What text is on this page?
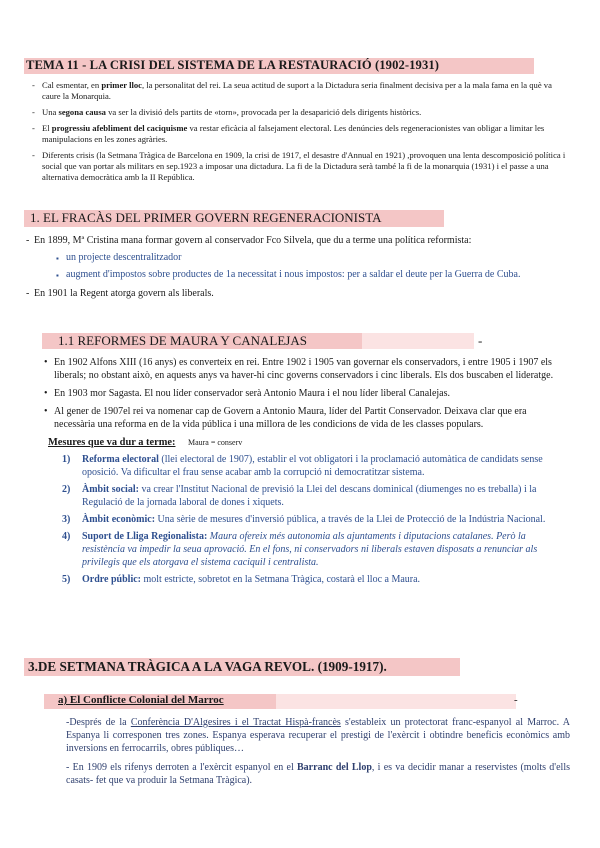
TEMA 11 - LA CRISI DEL SISTEMA DE LA RESTAURACIÓ (1902-1931)
- Cal esmentar, en primer lloc, la personalitat del rei. La seua actitud de suport a la Dictadura seria finalment decisiva per a la mala fama en la què va caure la Monarquia.
- Una segona causa va ser la divisió dels partits de «torn», provocada per la desaparició dels dirigents històrics.
- El progressiu afebliment del caciquisme va restar eficàcia al falsejament electoral. Les denúncies dels regeneracionistes van obligar a limitar les manipulacions en les zones agràries.
- Diferents crisis (la Setmana Tràgica de Barcelona en 1909, la crisi de 1917, el desastre d'Annual en 1921) ,provoquen una lenta descomposició política i social que van portar als militars en sep.1923 a imposar una dictadura. La fi de la Dictadura serà també la fi de la monarquia (1931) i el passe a una alternativa democràtica amb la II República.
1. EL FRACÀS DEL PRIMER GOVERN REGENERACIONISTA
- En 1899, Mª Cristina mana formar govern al conservador Fco Silvela, que du a terme una política reformista:
▪ un projecte descentralitzador
▪ augment d'impostos sobre productes de 1a necessitat i nous impostos: per a saldar el deute per la Guerra de Cuba.
- En 1901 la Regent atorga govern als liberals.
1.1 REFORMES DE MAURA Y CANALEJAS	-
• En 1902 Alfons XIII (16 anys) es converteix en rei. Entre 1902 i 1905 van governar els conservadors, i entre 1905 i 1907 els liberals; no obstant això, en aquests anys va haver-hi cinc governs conservadors i cinc liberals. Els dos buscaben el lideratge.
• En 1903 mor Sagasta. El nou líder conservador serà Antonio Maura i el nou líder liberal Canalejas.
• Al gener de 1907el rei va nomenar cap de Govern a Antonio Maura, líder del Partit Conservador. Deixava clar que era necessària una reforma en de la vida pública i una millora de les condicions de vida de les classes populars.
Mesures que va dur a terme: Maura = conserv
1) Reforma electoral (llei electoral de 1907), establir el vot obligatori i la proclamació automàtica de candidats sense oposició. Va dificultar el frau sense acabar amb la corrupció ni democratitzar sistema.
2) Àmbit social: va crear l'Institut Nacional de previsió la Llei del descans dominical (diumenges no es treballa) i la Regulació de la jornada laboral de dones i xiquets.
3) Àmbit econòmic: Una sèrie de mesures d'inversió pública, a través de la Llei de Protecció de la Indústria Nacional.
4) Suport de Lliga Regionalista: Maura ofereix més autonomia als ajuntaments i diputacions catalanes. Però la resistència va impedir la seua aprovació. En el fons, ni conservadors ni liberals estaven disposats a renunciar als privilegis que els atorgava el sistema caciquil i centralista.
5) Ordre públic: molt estricte, sobretot en la Setmana Tràgica, costarà el lloc a Maura.
3.DE SETMANA TRÀGICA A LA VAGA REVOL. (1909-1917).
a) El Conflicte Colonial del Marroc	-

-Després de la Conferència D'Algesires i el Tractat Hispà-francès s'estableix un protectorat franc-espanyol al Marroc. A Espanya li corresponen tres zones. Espanya esperava recuperar el prestigi de l'exèrcit i obtindre beneficis econòmics amb inversions en ferrocarrils, obres públiques…

- En 1909 els rifenys derroten a l'exèrcit espanyol en el Barranc del Llop, i es va decidir manar a reservistes (molts d'ells casats- fet que va produir la Setmana Tràgica).
